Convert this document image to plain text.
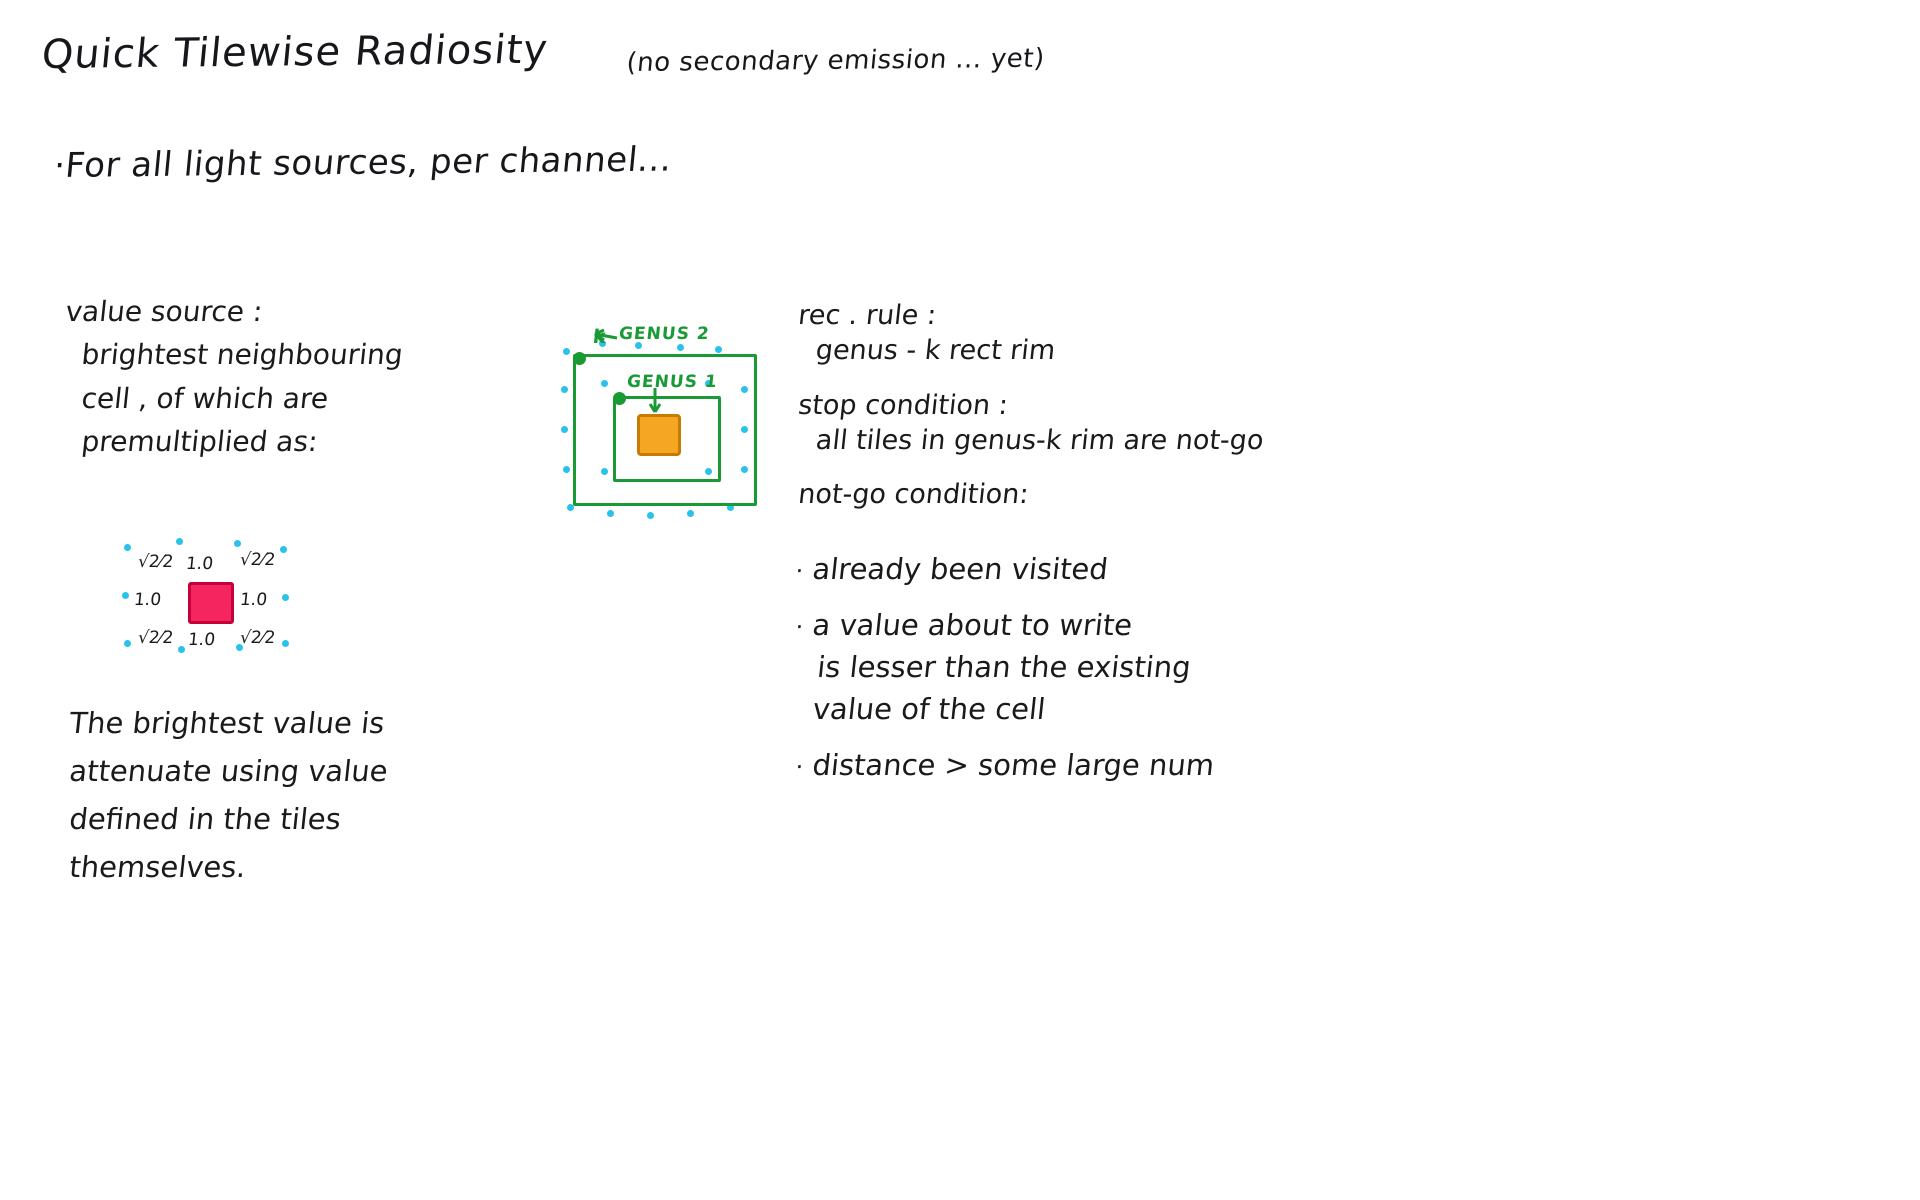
Quick Tilewise Radiosity	(no secondary emission ... yet)
·For all light sources, per channel...
value source :
brightest neighbouring
cell , of which are
premultiplied as:
√2⁄2 1.0 √2⁄2
1.0	1.0
√2⁄2 1.0 √2⁄2
The brightest value is
attenuate using value
defined in the tiles
themselves.
k GENUS 2
GENUS 1
rec . rule :
genus - k rect rim
stop condition :
all tiles in genus-k rim are not-go
not-go condition:
· already been visited
· a value about to write
is lesser than the existing
value of the cell
· distance > some large num
